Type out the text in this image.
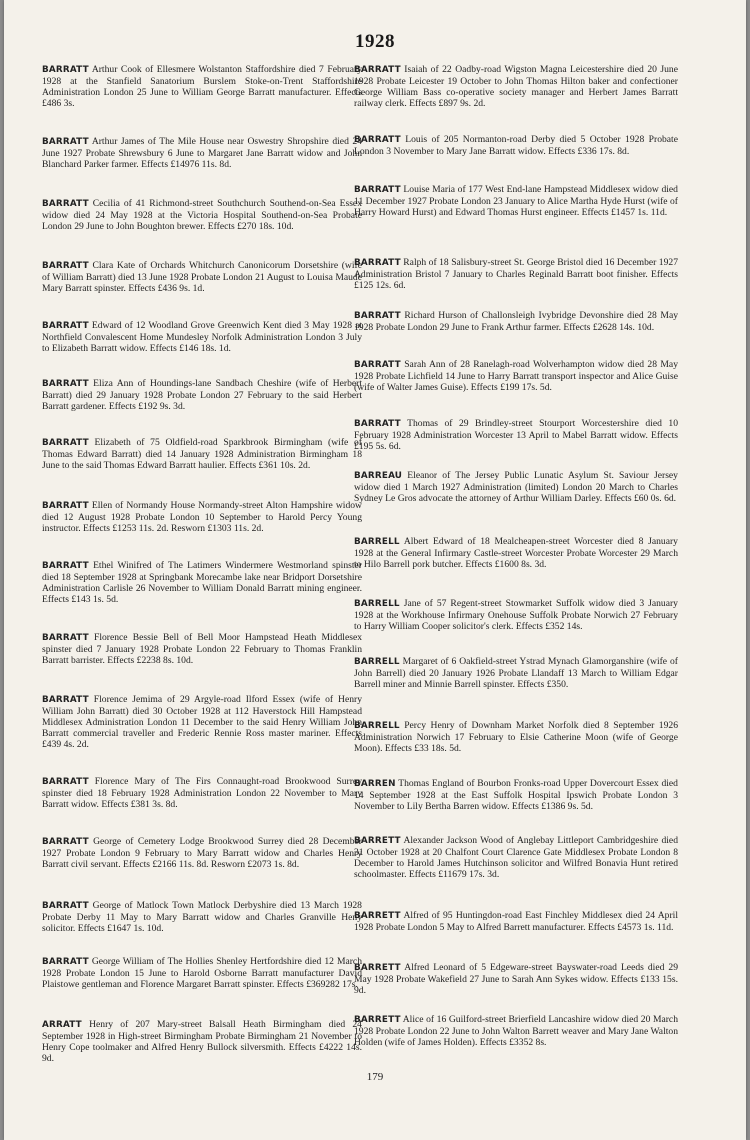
1928

BARRATT Arthur Cook of Ellesmere Wolstanton Staffordshire died 7 February 1928 at the Stanfield Sanatorium Burslem Stoke-on-Trent Staffordshire Administration London 25 June to William George Barratt manufacturer. Effects £486 3s.

BARRATT Arthur James of The Mile House near Oswestry Shropshire died 24 June 1927 Probate Shrewsbury 6 June to Margaret Jane Barratt widow and John Blanchard Parker farmer. Effects £14976 11s. 8d.

BARRATT Cecilia of 41 Richmond-street Southchurch Southend-on-Sea Essex widow died 24 May 1928 at the Victoria Hospital Southend-on-Sea Probate London 29 June to John Boughton brewer. Effects £270 18s. 10d.

BARRATT Clara Kate of Orchards Whitchurch Canonicorum Dorsetshire (wife of William Barratt) died 13 June 1928 Probate London 21 August to Louisa Maude Mary Barratt spinster. Effects £436 9s. 1d.

BARRATT Edward of 12 Woodland Grove Greenwich Kent died 3 May 1928 at Northfield Convalescent Home Mundesley Norfolk Administration London 3 July to Elizabeth Barratt widow. Effects £146 18s. 1d.

BARRATT Eliza Ann of Houndings-lane Sandbach Cheshire (wife of Herbert Barratt) died 29 January 1928 Probate London 27 February to the said Herbert Barratt gardener. Effects £192 9s. 3d.

BARRATT Elizabeth of 75 Oldfield-road Sparkbrook Birmingham (wife of Thomas Edward Barratt) died 14 January 1928 Administration Birmingham 18 June to the said Thomas Edward Barratt haulier. Effects £361 10s. 2d.

BARRATT Ellen of Normandy House Normandy-street Alton Hampshire widow died 12 August 1928 Probate London 10 September to Harold Percy Young instructor. Effects £1253 11s. 2d. Resworn £1303 11s. 2d.

BARRATT Ethel Winifred of The Latimers Windermere Westmorland spinster died 18 September 1928 at Springbank Morecambe lake near Bridport Dorsetshire Administration Carlisle 26 November to William Donald Barratt mining engineer. Effects £143 1s. 5d.

BARRATT Florence Bessie Bell of Bell Moor Hampstead Heath Middlesex spinster died 7 January 1928 Probate London 22 February to Thomas Franklin Barratt barrister. Effects £2238 8s. 10d.

BARRATT Florence Jemima of 29 Argyle-road Ilford Essex (wife of Henry William John Barratt) died 30 October 1928 at 112 Haverstock Hill Hampstead Middlesex Administration London 11 December to the said Henry William John Barratt commercial traveller and Frederic Rennie Ross master mariner. Effects £439 4s. 2d.

BARRATT Florence Mary of The Firs Connaught-road Brookwood Surrey spinster died 18 February 1928 Administration London 22 November to Mary Barratt widow. Effects £381 3s. 8d.

BARRATT George of Cemetery Lodge Brookwood Surrey died 28 December 1927 Probate London 9 February to Mary Barratt widow and Charles Henry Barratt civil servant. Effects £2166 11s. 8d. Resworn £2073 1s. 8d.

BARRATT George of Matlock Town Matlock Derbyshire died 13 March 1928 Probate Derby 11 May to Mary Barratt widow and Charles Granville Heny solicitor. Effects £1647 1s. 10d.

BARRATT George William of The Hollies Shenley Hertfordshire died 12 March 1928 Probate London 15 June to Harold Osborne Barratt manufacturer David Plaistowe gentleman and Florence Margaret Barratt spinster. Effects £369282 17s.

ARRATT Henry of 207 Mary-street Balsall Heath Birmingham died 24 September 1928 in High-street Birmingham Probate Birmingham 21 November to Henry Cope toolmaker and Alfred Henry Bullock silversmith. Effects £4222 14s. 9d.

BARRATT Isaiah of 22 Oadby-road Wigston Magna Leicestershire died 20 June 1928 Probate Leicester 19 October to John Thomas Hilton baker and confectioner George William Bass co-operative society manager and Herbert James Barratt railway clerk. Effects £897 9s. 2d.

BARRATT Louis of 205 Normanton-road Derby died 5 October 1928 Probate London 3 November to Mary Jane Barratt widow. Effects £336 17s. 8d.

BARRATT Louise Maria of 177 West End-lane Hampstead Middlesex widow died 11 December 1927 Probate London 23 January to Alice Martha Hyde Hurst (wife of Harry Howard Hurst) and Edward Thomas Hurst engineer. Effects £1457 1s. 11d.

BARRATT Ralph of 18 Salisbury-street St. George Bristol died 16 December 1927 Administration Bristol 7 January to Charles Reginald Barratt boot finisher. Effects £125 12s. 6d.

BARRATT Richard Hurson of Challonsleigh Ivybridge Devonshire died 28 May 1928 Probate London 29 June to Frank Arthur farmer. Effects £2628 14s. 10d.

BARRATT Sarah Ann of 28 Ranelagh-road Wolverhampton widow died 28 May 1928 Probate Lichfield 14 June to Harry Barratt transport inspector and Alice Guise (wife of Walter James Guise). Effects £199 17s. 5d.

BARRATT Thomas of 29 Brindley-street Stourport Worcestershire died 10 February 1928 Administration Worcester 13 April to Mabel Barratt widow. Effects £195 5s. 6d.

BARREAU Eleanor of The Jersey Public Lunatic Asylum St. Saviour Jersey widow died 1 March 1927 Administration (limited) London 20 March to Charles Sydney Le Gros advocate the attorney of Arthur William Darley. Effects £60 0s. 6d.

BARRELL Albert Edward of 18 Mealcheapen-street Worcester died 8 January 1928 at the General Infirmary Castle-street Worcester Probate Worcester 29 March to Hilo Barrell pork butcher. Effects £1600 8s. 3d.

BARRELL Jane of 57 Regent-street Stowmarket Suffolk widow died 3 January 1928 at the Workhouse Infirmary Onehouse Suffolk Probate Norwich 27 February to Harry William Cooper solicitor's clerk. Effects £352 14s.

BARRELL Margaret of 6 Oakfield-street Ystrad Mynach Glamorganshire (wife of John Barrell) died 20 January 1926 Probate Llandaff 13 March to William Edgar Barrell miner and Minnie Barrell spinster. Effects £350.

BARRELL Percy Henry of Downham Market Norfolk died 8 September 1926 Administration Norwich 17 February to Elsie Catherine Moon (wife of George Moon). Effects £33 18s. 5d.

BARREN Thomas England of Bourbon Fronks-road Upper Dovercourt Essex died 14 September 1928 at the East Suffolk Hospital Ipswich Probate London 3 November to Lily Bertha Barren widow. Effects £1386 9s. 5d.

BARRETT Alexander Jackson Wood of Anglebay Littleport Cambridgeshire died 31 October 1928 at 20 Chalfont Court Clarence Gate Middlesex Probate London 8 December to Harold James Hutchinson solicitor and Wilfred Bonavia Hunt retired schoolmaster. Effects £11679 17s. 3d.

BARRETT Alfred of 95 Huntingdon-road East Finchley Middlesex died 24 April 1928 Probate London 5 May to Alfred Barrett manufacturer. Effects £4573 1s. 11d.

BARRETT Alfred Leonard of 5 Edgeware-street Bayswater-road Leeds died 29 May 1928 Probate Wakefield 27 June to Sarah Ann Sykes widow. Effects £133 15s. 9d.

BARRETT Alice of 16 Guilford-street Brierfield Lancashire widow died 20 March 1928 Probate London 22 June to John Walton Barrett weaver and Mary Jane Walton Holden (wife of James Holden). Effects £3352 8s.

179
